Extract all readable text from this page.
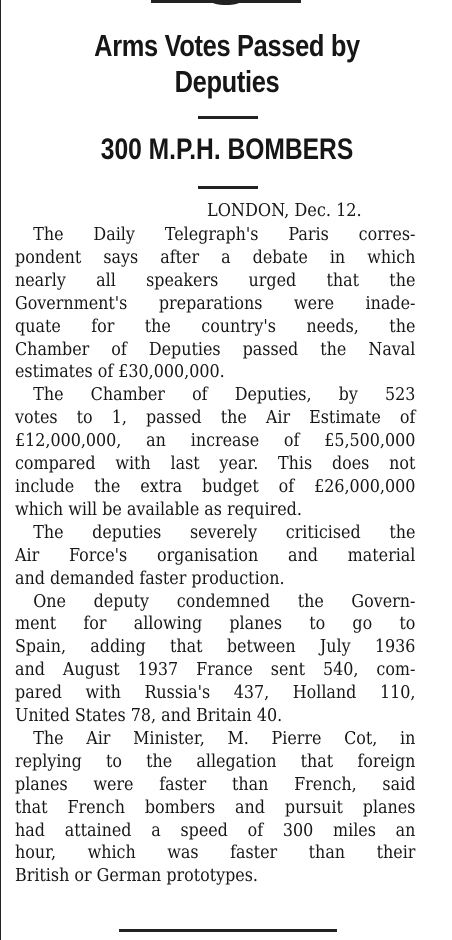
Arms Votes Passed by
Deputies
300 M.P.H. BOMBERS

LONDON, Dec. 12.

The Daily Telegraph's Paris corres-
pondent says after a debate in which
nearly all speakers urged that the
Government's preparations were inade-
quate for the country's needs, the
Chamber of Deputies passed the Naval
estimates of £30,000,000.

The Chamber of Deputies, by 523
votes to 1, passed the Air Estimate of
£12,000,000, an increase of £5,500,000
compared with last year. This does not
include the extra budget of £26,000,000
which will be available as required.

The deputies severely criticised the
Air Force's organisation and material
and demanded faster production.

One deputy condemned the Govern-
ment for allowing planes to go to
Spain, adding that between July 1936
and August 1937 France sent 540, com-
pared with Russia's 437, Holland 110,
United States 78, and Britain 40.

The Air Minister, M. Pierre Cot, in
replying to the allegation that foreign
planes were faster than French, said
that French bombers and pursuit planes
had attained a speed of 300 miles an
hour, which was faster than their
British or German prototypes.
